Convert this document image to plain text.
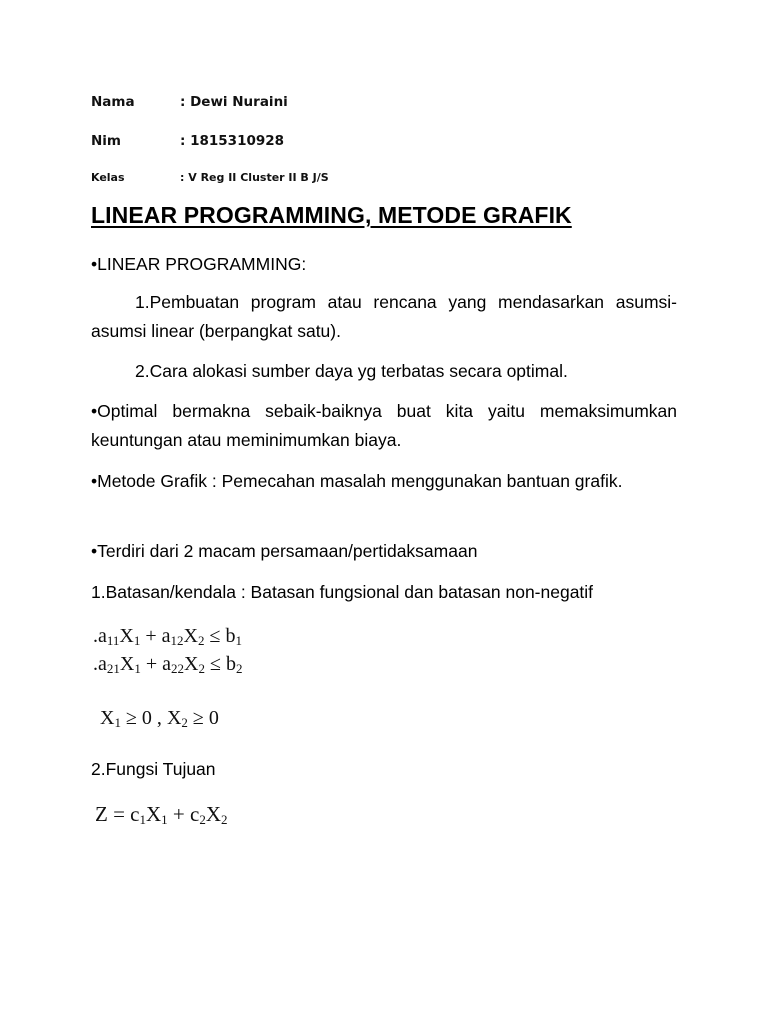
Nama	: Dewi Nuraini
Nim	: 1815310928
Kelas	: V Reg II Cluster II B J/S
LINEAR PROGRAMMING, METODE GRAFIK
•LINEAR PROGRAMMING:
1.Pembuatan program atau rencana yang mendasarkan asumsi-asumsi linear (berpangkat satu).
2.Cara alokasi sumber daya yg terbatas secara optimal.
•Optimal bermakna sebaik-baiknya buat kita yaitu memaksimumkan keuntungan atau meminimumkan biaya.
•Metode Grafik : Pemecahan masalah menggunakan bantuan grafik.
•Terdiri dari 2 macam persamaan/pertidaksamaan
1.Batasan/kendala : Batasan fungsional dan batasan non-negatif
$.a_{11}X_1 + a_{12}X_2 \le b_1$
$.a_{21}X_1 + a_{22}X_2 \le b_2$
$X_1 \ge 0$ , $X_2 \ge 0$
2.Fungsi Tujuan
$Z = c_1X_1 + c_2X_2$
